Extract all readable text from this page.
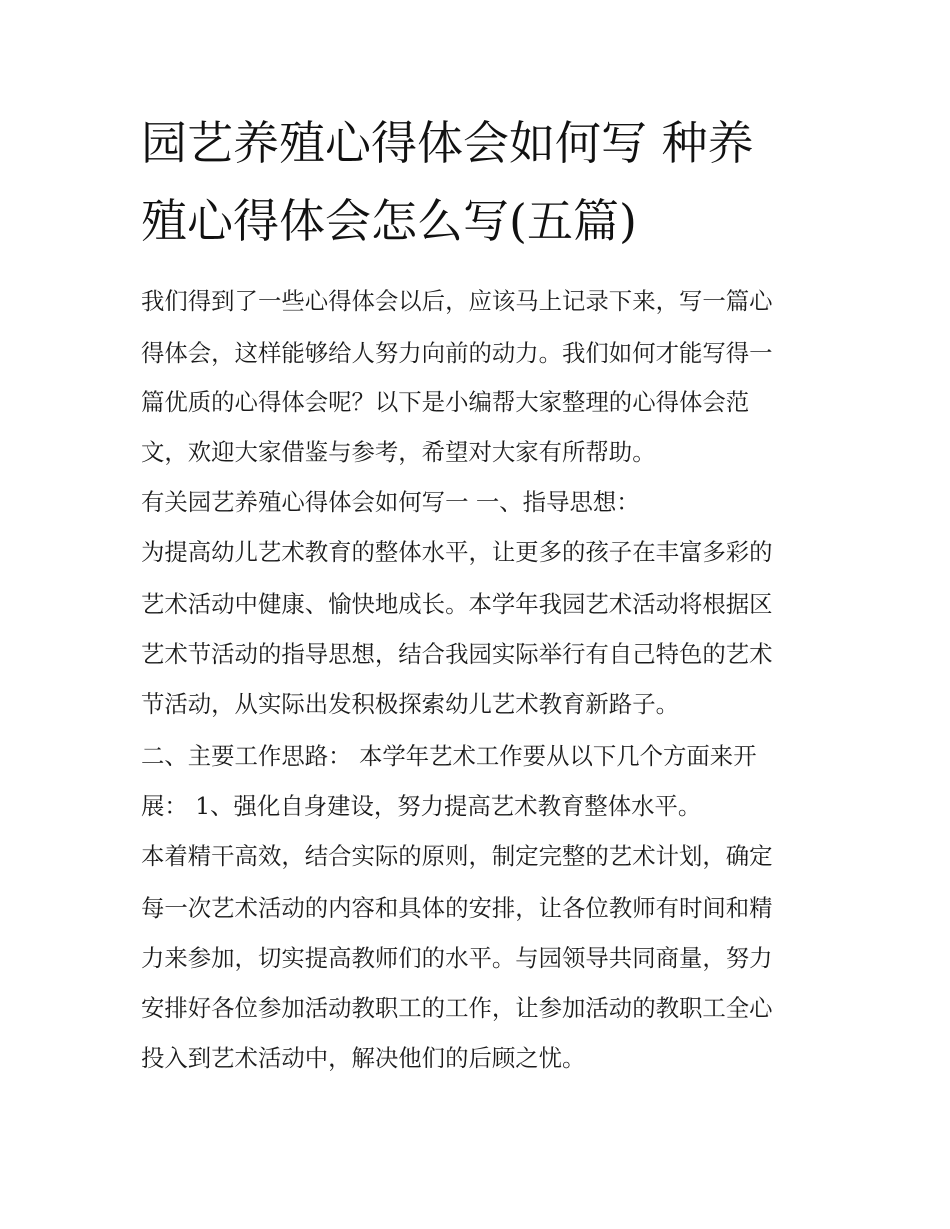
园艺养殖心得体会如何写 种养
殖心得体会怎么写(五篇)

我们得到了一些心得体会以后，应该马上记录下来，写一篇心

得体会，这样能够给人努力向前的动力。我们如何才能写得一

篇优质的心得体会呢？以下是小编帮大家整理的心得体会范

文，欢迎大家借鉴与参考，希望对大家有所帮助。

有关园艺养殖心得体会如何写一 一、指导思想：

为提高幼儿艺术教育的整体水平，让更多的孩子在丰富多彩的

艺术活动中健康、愉快地成长。本学年我园艺术活动将根据区

艺术节活动的指导思想，结合我园实际举行有自己特色的艺术

节活动，从实际出发积极探索幼儿艺术教育新路子。

二、主要工作思路： 本学年艺术工作要从以下几个方面来开

展： 1、强化自身建设，努力提高艺术教育整体水平。

本着精干高效，结合实际的原则，制定完整的艺术计划，确定

每一次艺术活动的内容和具体的安排，让各位教师有时间和精

力来参加，切实提高教师们的水平。与园领导共同商量，努力

安排好各位参加活动教职工的工作，让参加活动的教职工全心

投入到艺术活动中，解决他们的后顾之忧。
